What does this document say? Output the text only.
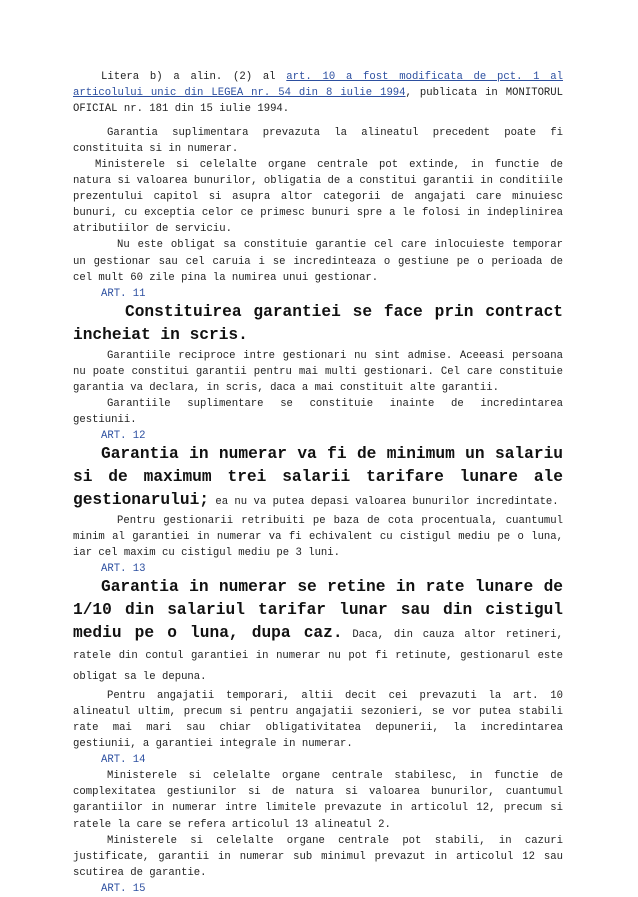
Litera b) a alin. (2) al art. 10 a fost modificata de pct. 1 al articolului unic din LEGEA nr. 54 din 8 iulie 1994, publicata in MONITORUL OFICIAL nr. 181 din 15 iulie 1994.

Garantia suplimentara prevazuta la alineatul precedent poate fi constituita si in numerar.

Ministerele si celelalte organe centrale pot extinde, in functie de natura si valoarea bunurilor, obligatia de a constitui garantii in conditiile prezentului capitol si asupra altor categorii de angajati care minuiesc bunuri, cu exceptia celor ce primesc bunuri spre a le folosi in indeplinirea atributiilor de serviciu.

Nu este obligat sa constituie garantie cel care inlocuieste temporar un gestionar sau cel caruia i se incredinteaza o gestiune pe o perioada de cel mult 60 zile pina la numirea unui gestionar.

ART. 11

Constituirea garantiei se face prin contract incheiat in scris.

Garantiile reciproce intre gestionari nu sint admise. Aceeasi persoana nu poate constitui garantii pentru mai multi gestionari. Cel care constituie garantia va declara, in scris, daca a mai constituit alte garantii.

Garantiile suplimentare se constituie inainte de incredintarea gestiunii.

ART. 12

Garantia in numerar va fi de minimum un salariu si de maximum trei salarii tarifare lunare ale gestionarului; ea nu va putea depasi valoarea bunurilor incredintate.

Pentru gestionarii retribuiti pe baza de cota procentuala, cuantumul minim al garantiei in numerar va fi echivalent cu cistigul mediu pe o luna, iar cel maxim cu cistigul mediu pe 3 luni.

ART. 13

Garantia in numerar se retine in rate lunare de 1/10 din salariul tarifar lunar sau din cistigul mediu pe o luna, dupa caz. Daca, din cauza altor retineri, ratele din contul garantiei in numerar nu pot fi retinute, gestionarul este obligat sa le depuna.

Pentru angajatii temporari, altii decit cei prevazuti la art. 10 alineatul ultim, precum si pentru angajatii sezonieri, se vor putea stabili rate mai mari sau chiar obligativitatea depunerii, la incredintarea gestiunii, a garantiei integrale in numerar.

ART. 14

Ministerele si celelalte organe centrale stabilesc, in functie de complexitatea gestiunilor si de natura si valoarea bunurilor, cuantumul garantiilor in numerar intre limitele prevazute in articolul 12, precum si ratele la care se refera articolul 13 alineatul 2.

Ministerele si celelalte organe centrale pot stabili, in cazuri justificate, garantii in numerar sub minimul prevazut in articolul 12 sau scutirea de garantie.

ART. 15
